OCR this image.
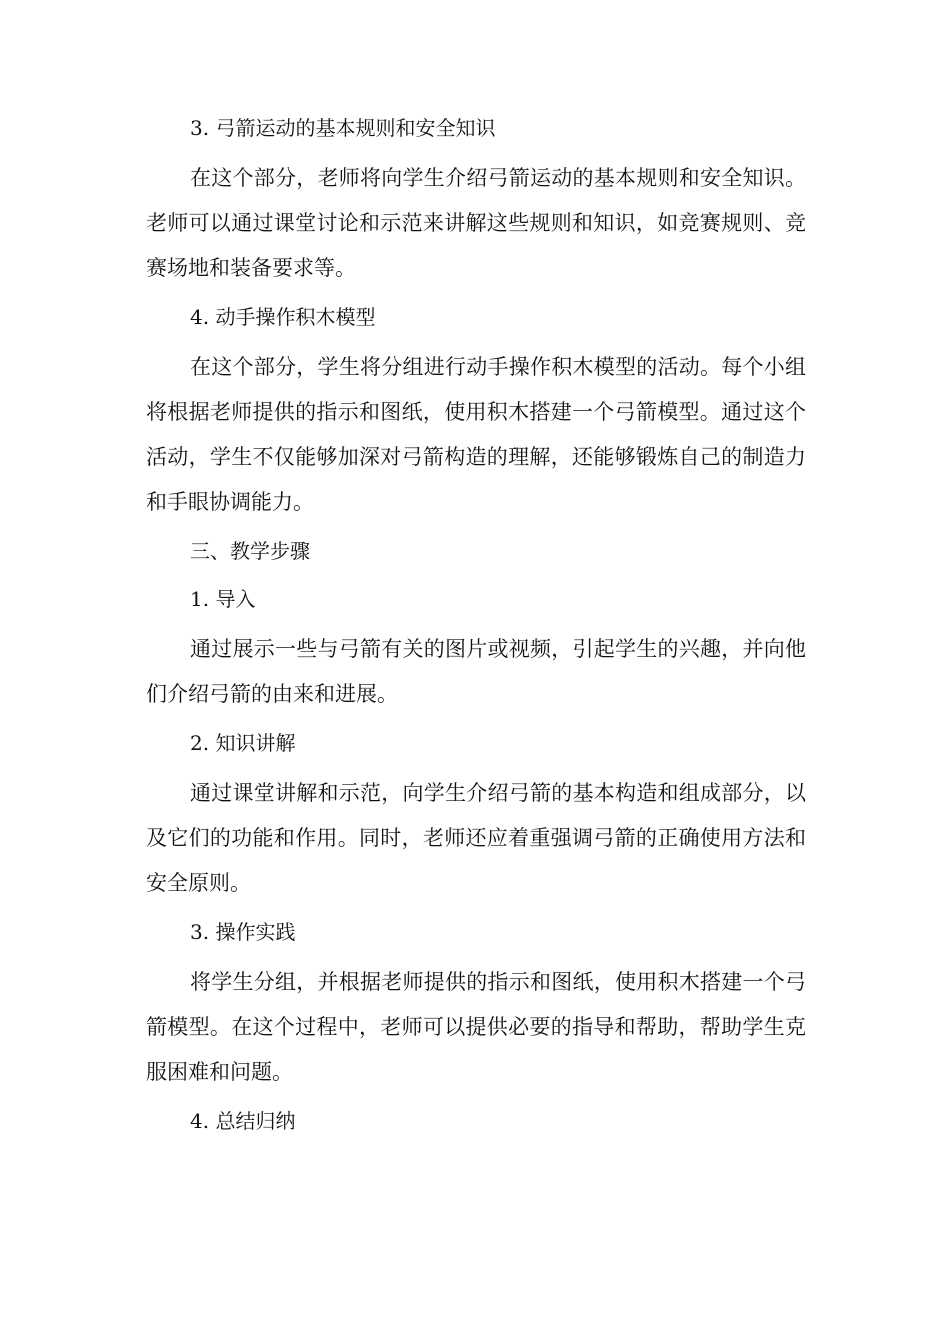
3. 弓箭运动的基本规则和安全知识

在这个部分，老师将向学生介绍弓箭运动的基本规则和安全知识。老师可以通过课堂讨论和示范来讲解这些规则和知识，如竞赛规则、竞赛场地和装备要求等。

4. 动手操作积木模型

在这个部分，学生将分组进行动手操作积木模型的活动。每个小组将根据老师提供的指示和图纸，使用积木搭建一个弓箭模型。通过这个活动，学生不仅能够加深对弓箭构造的理解，还能够锻炼自己的制造力和手眼协调能力。

三、教学步骤
1. 导入

通过展示一些与弓箭有关的图片或视频，引起学生的兴趣，并向他们介绍弓箭的由来和进展。

2. 知识讲解

通过课堂讲解和示范，向学生介绍弓箭的基本构造和组成部分，以及它们的功能和作用。同时，老师还应着重强调弓箭的正确使用方法和安全原则。

3. 操作实践

将学生分组，并根据老师提供的指示和图纸，使用积木搭建一个弓箭模型。在这个过程中，老师可以提供必要的指导和帮助，帮助学生克服困难和问题。

4. 总结归纳
